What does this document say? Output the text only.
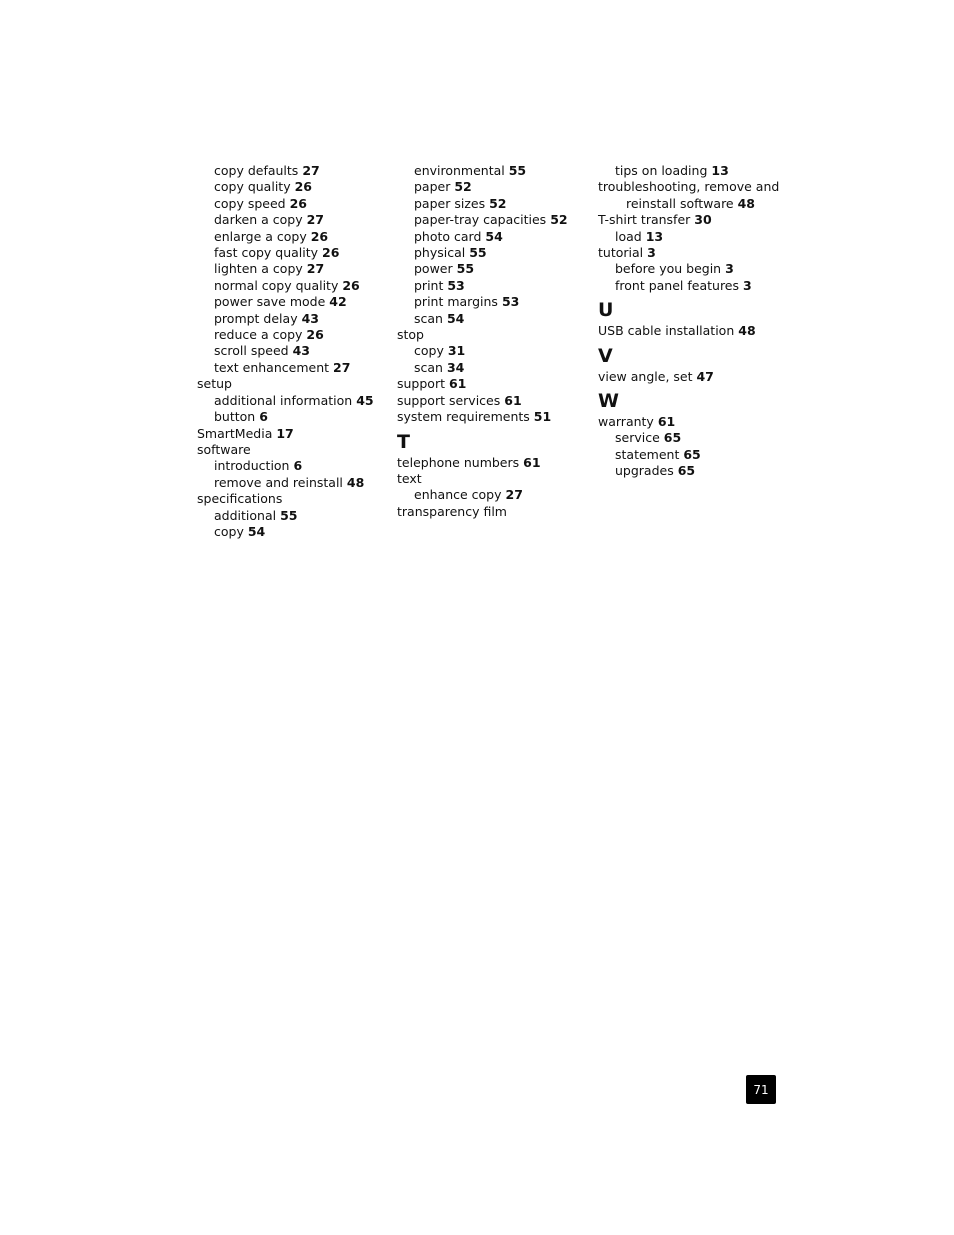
copy defaults 27
copy quality 26
copy speed 26
darken a copy 27
enlarge a copy 26
fast copy quality 26
lighten a copy 27
normal copy quality 26
power save mode 42
prompt delay 43
reduce a copy 26
scroll speed 43
text enhancement 27
setup
additional information 45
button 6
SmartMedia 17
software
introduction 6
remove and reinstall 48
specifications
additional 55
copy 54
environmental 55
paper 52
paper sizes 52
paper-tray capacities 52
photo card 54
physical 55
power 55
print 53
print margins 53
scan 54
stop
copy 31
scan 34
support 61
support services 61
system requirements 51
T
telephone numbers 61
text
enhance copy 27
transparency film
tips on loading 13
troubleshooting, remove and
reinstall software 48
T-shirt transfer 30
load 13
tutorial 3
before you begin 3
front panel features 3
U
USB cable installation 48
V
view angle, set 47
W
warranty 61
service 65
statement 65
upgrades 65
71
